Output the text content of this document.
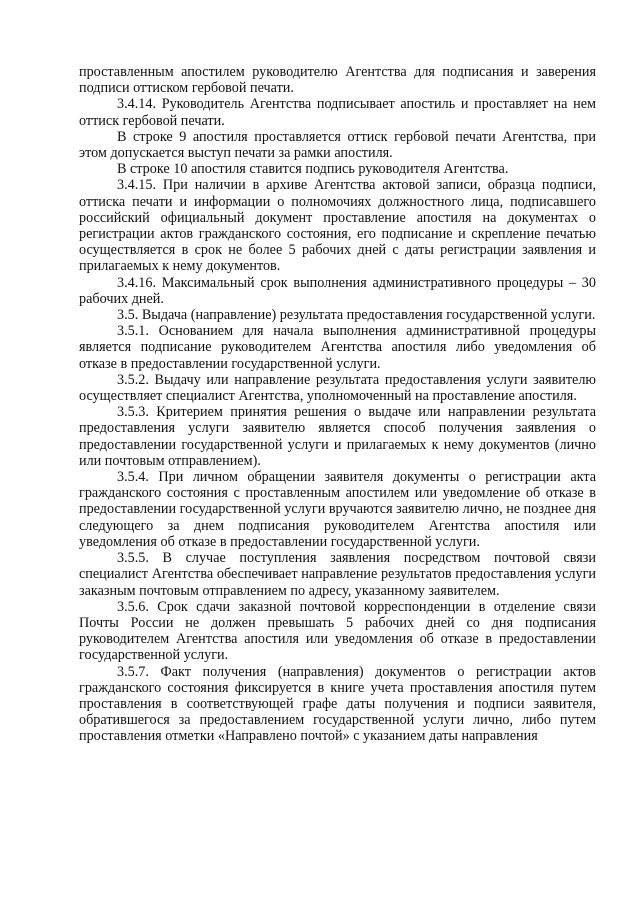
проставленным апостилем руководителю Агентства для подписания и заверения подписи оттиском гербовой печати.

3.4.14. Руководитель Агентства подписывает апостиль и проставляет на нем оттиск гербовой печати.

В строке 9 апостиля проставляется оттиск гербовой печати Агентства, при этом допускается выступ печати за рамки апостиля.

В строке 10 апостиля ставится подпись руководителя Агентства.

3.4.15. При наличии в архиве Агентства актовой записи, образца подписи, оттиска печати и информации о полномочиях должностного лица, подписавшего российский официальный документ проставление апостиля на документах о регистрации актов гражданского состояния, его подписание и скрепление печатью осуществляется в срок не более 5 рабочих дней с даты регистрации заявления и прилагаемых к нему документов.

3.4.16. Максимальный срок выполнения административного процедуры – 30 рабочих дней.

3.5. Выдача (направление) результата предоставления государственной услуги.

3.5.1. Основанием для начала выполнения административной процедуры является подписание руководителем Агентства апостиля либо уведомления об отказе в предоставлении государственной услуги.

3.5.2. Выдачу или направление результата предоставления услуги заявителю осуществляет специалист Агентства, уполномоченный на проставление апостиля.

3.5.3. Критерием принятия решения о выдаче или направлении результата предоставления услуги заявителю является способ получения заявления о предоставлении государственной услуги и прилагаемых к нему документов (лично или почтовым отправлением).

3.5.4. При личном обращении заявителя документы о регистрации акта гражданского состояния с проставленным апостилем или уведомление об отказе в предоставлении государственной услуги вручаются заявителю лично, не позднее дня следующего за днем подписания руководителем Агентства апостиля или уведомления об отказе в предоставлении государственной услуги.

3.5.5. В случае поступления заявления посредством почтовой связи специалист Агентства обеспечивает направление результатов предоставления услуги заказным почтовым отправлением по адресу, указанному заявителем.

3.5.6. Срок сдачи заказной почтовой корреспонденции в отделение связи Почты России не должен превышать 5 рабочих дней со дня подписания руководителем Агентства апостиля или уведомления об отказе в предоставлении государственной услуги.

3.5.7. Факт получения (направления) документов о регистрации актов гражданского состояния фиксируется в книге учета проставления апостиля путем проставления в соответствующей графе даты получения и подписи заявителя, обратившегося за предоставлением государственной услуги лично, либо путем проставления отметки «Направлено почтой» с указанием даты направления
